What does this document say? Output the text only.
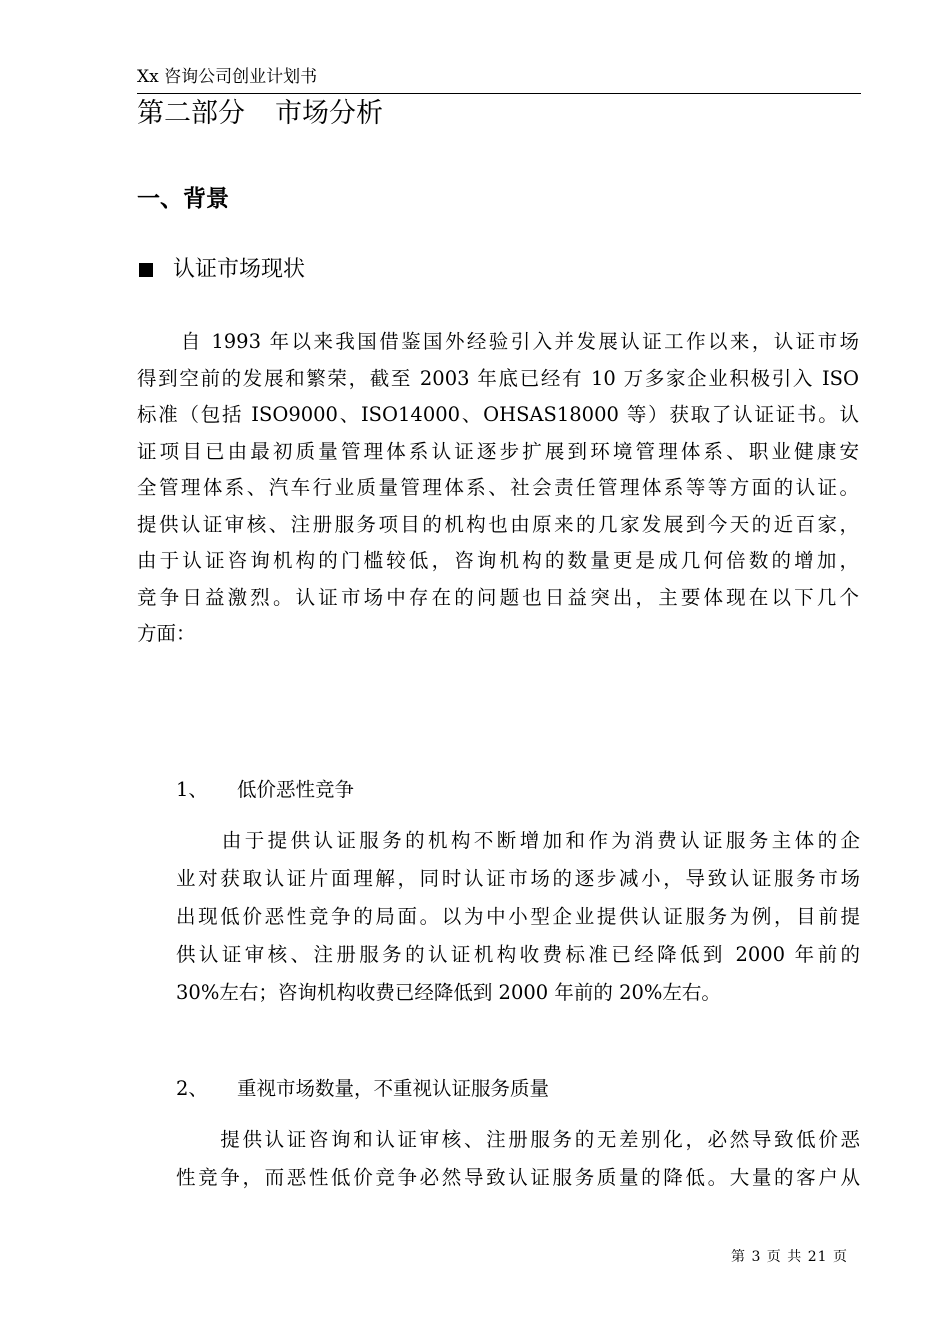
Xx 咨询公司创业计划书
第二部分 市场分析
一、背景
认证市场现状
　　自 1993 年以来我国借鉴国外经验引入并发展认证工作以来，认证市场
得到空前的发展和繁荣，截至 2003 年底已经有 10 万多家企业积极引入 ISO
标准（包括 ISO9000、ISO14000、OHSAS18000 等）获取了认证证书。认
证项目已由最初质量管理体系认证逐步扩展到环境管理体系、职业健康安
全管理体系、汽车行业质量管理体系、社会责任管理体系等等方面的认证。
提供认证审核、注册服务项目的机构也由原来的几家发展到今天的近百家，
由于认证咨询机构的门槛较低，咨询机构的数量更是成几何倍数的增加，
竞争日益激烈。认证市场中存在的问题也日益突出，主要体现在以下几个
方面：
1、 低价恶性竞争
　　由于提供认证服务的机构不断增加和作为消费认证服务主体的企
业对获取认证片面理解，同时认证市场的逐步减小，导致认证服务市场
出现低价恶性竞争的局面。以为中小型企业提供认证服务为例，目前提
供认证审核、注册服务的认证机构收费标准已经降低到 2000 年前的
30%左右；咨询机构收费已经降低到 2000 年前的 20%左右。
2、 重视市场数量，不重视认证服务质量
　　提供认证咨询和认证审核、注册服务的无差别化，必然导致低价恶
性竞争，而恶性低价竞争必然导致认证服务质量的降低。大量的客户从
第 3 页 共 21 页
